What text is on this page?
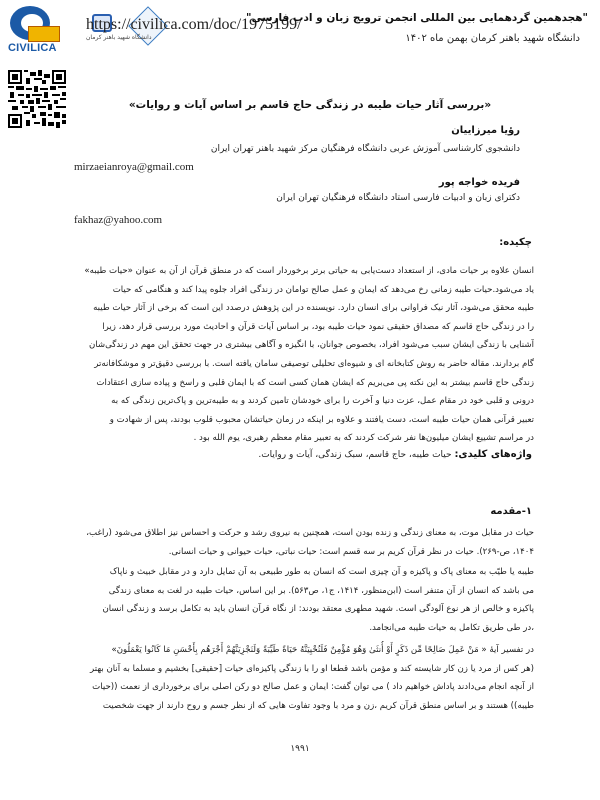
CIVILICA
دانشگاه شهید باهنر کرمان
https://civilica.com/doc/1975199/
"هجدهمین گردهمایی بین المللی انجمن ترویج زبان و ادب فارسی"
دانشگاه شهید باهنر کرمان بهمن ماه ۱۴۰۲
«بررسی آثار حیات طیبه در زندگی حاج قاسم بر اساس آیات و روایات»
رؤیا میرزاییان
دانشجوی کارشناسی آموزش عربی دانشگاه فرهنگیان مرکز شهید باهنر تهران ایران
mirzaeianroya@gmail.com
فریده خواجه پور
دکترای زبان و ادبیات فارسی استاد دانشگاه فرهنگیان تهران ایران
fakhaz@yahoo.com
چکیده:
انسان علاوه بر حیات مادی، از استعداد دست‌یابی به حیاتی برتر برخوردار است که در منطق قرآن از آن به عنوان «حیات طیبه»
یاد می‌شود.حیات طیبه زمانی رخ می‌دهد که ایمان و عمل صالح توامان در زندگی افراد جلوه پیدا کند و هنگامی که حیات
طیبه محقق می‌شود، آثار نیک فراوانی برای انسان دارد. نویسنده در این پژوهش درصدد این است که برخی از آثار حیات طیبه
را در زندگی حاج قاسم که مصداق حقیقی نمود حیات طیبه بود، بر اساس آیات قرآن و احادیث مورد بررسی قرار دهد، زیرا
آشنایی با زندگی ایشان سبب می‌شود افراد، بخصوص جوانان، با انگیزه و آگاهی بیشتری در جهت تحقق این مهم در زندگی‌شان
گام بردارند. مقاله حاضر به روش کتابخانه ای و شیوه‌ای تحلیلی توصیفی سامان یافته است. با بررسی دقیق‌تر و موشکافانه‌تر
زندگی حاج قاسم بیشتر به این نکته پی می‌بریم که ایشان همان کسی است که با ایمان قلبی و راسخ و پیاده سازی اعتقادات
درونی و قلبی خود در مقام عمل، عزت دنیا و آخرت را برای خودشان تامین کردند و به طیبه‌ترین و پاک‌ترین زندگی که به
تعبیر قرآنی همان حیات طیبه است، دست یافتند و علاوه بر اینکه در زمان حیاتشان محبوب قلوب بودند، پس از شهادت و
در مراسم تشییع ایشان میلیون‌ها نفر شرکت کردند که به تعبیر مقام معظم رهبری، یوم الله بود .
واژه‌های کلیدی: حیات طیبه، حاج قاسم، سبک زندگی، آیات و روایات.
۱-مقدمه
حیات در مقابل موت، به معنای زندگی و زنده بودن است، همچنین به نیروی رشد و حرکت و احساس نیز اطلاق می‌شود (راغب،
۱۴۰۴، ص-۲۶۹). حیات در نظر قرآن کریم بر سه قسم است: حیات نباتی، حیات حیوانی و حیات انسانی.
طیبه یا طیّب به معنای پاک و پاکیزه و آن چیزی است که انسان به طور طبیعی به آن تمایل دارد و در مقابل خبیث و ناپاک
می باشد که انسان از آن متنفر است (ابن‌منظور، ۱۴۱۴، ج۱، ص۵۶۳). بر این اساس، حیات طیبه در لغت به معنای زندگی
پاکیزه و خالص از هر نوع آلودگی است. شهید مطهری معتقد بودند: از نگاه قرآن انسان باید به تکامل برسد و زندگی انسان
،در طی طریق تکامل به حیات طیبه می‌انجامد.
در تفسیر آیهٔ « مَنْ عَمِلَ صَالِحًا مِّن ذَكَرٍ أَوْ أُنثَىٰ وَهُوَ مُؤْمِنٌ فَلَنُحْيِيَنَّهُ حَيَاةً طَيِّبَةً وَلَنَجْزِيَنَّهُمْ أَجْرَهُم بِأَحْسَنِ مَا كَانُوا يَعْمَلُونَ»
(هر کس از مرد یا زن کار شایسته کند و مؤمن باشد قطعا او را با زندگی پاکیزه‌ای حیات [حقیقی] بخشیم و مسلما به آنان بهتر
از آنچه انجام می‌دادند پاداش خواهیم داد ) می توان گفت: ایمان و عمل صالح دو رکن اصلی برای برخورداری از نعمت ((حیات
طیبه)) هستند و بر اساس منطق قرآن کریم ،زن و مرد با وجود تفاوت هایی که از نظر جسم و روح دارند از جهت شخصیت
۱۹۹۱
